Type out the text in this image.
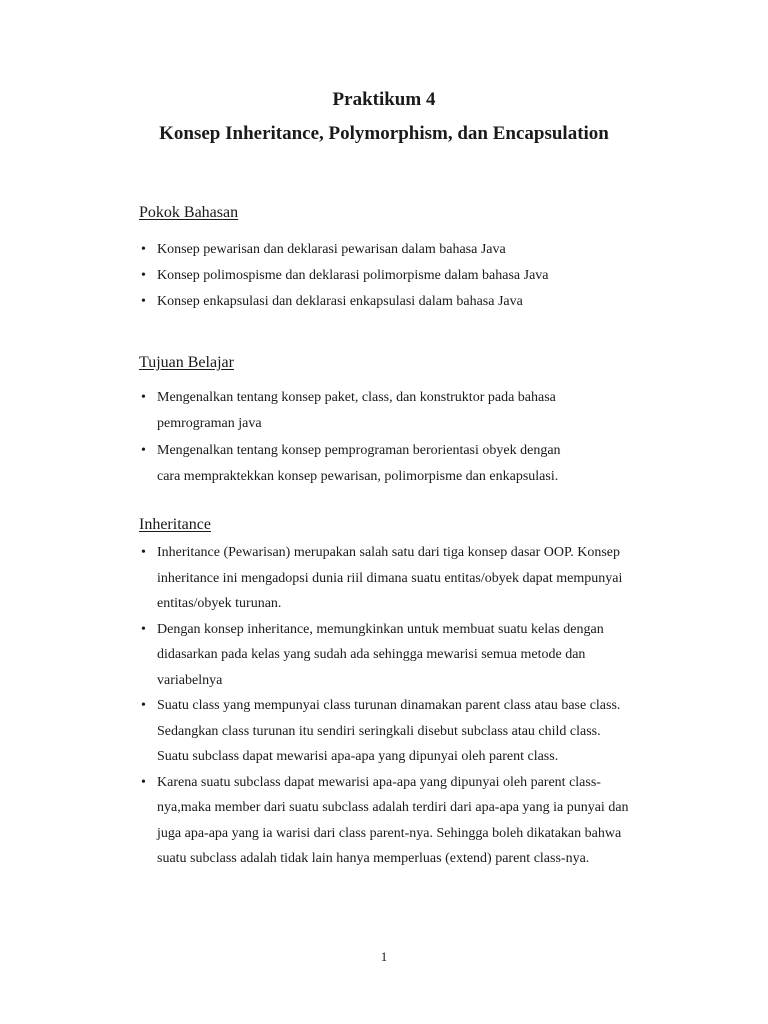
Praktikum 4
Konsep Inheritance, Polymorphism, dan Encapsulation
Pokok Bahasan
• Konsep pewarisan dan deklarasi pewarisan dalam bahasa Java
• Konsep polimospisme dan deklarasi polimorpisme dalam bahasa Java
• Konsep enkapsulasi dan deklarasi enkapsulasi dalam bahasa Java
Tujuan Belajar
• Mengenalkan tentang konsep paket, class, dan konstruktor pada bahasa pemrograman java
• Mengenalkan tentang konsep pemprograman berorientasi obyek dengan cara mempraktekkan konsep pewarisan, polimorpisme dan enkapsulasi.
Inheritance
• Inheritance (Pewarisan) merupakan salah satu dari tiga konsep dasar OOP. Konsep inheritance ini mengadopsi dunia riil dimana suatu entitas/obyek dapat mempunyai entitas/obyek turunan.
• Dengan konsep inheritance, memungkinkan untuk membuat suatu kelas dengan didasarkan pada kelas yang sudah ada sehingga mewarisi semua metode dan variabelnya
• Suatu class yang mempunyai class turunan dinamakan parent class atau base class. Sedangkan class turunan itu sendiri seringkali disebut subclass atau child class. Suatu subclass dapat mewarisi apa-apa yang dipunyai oleh parent class.
• Karena suatu subclass dapat mewarisi apa-apa yang dipunyai oleh parent class-nya,maka member dari suatu subclass adalah terdiri dari apa-apa yang ia punyai dan juga apa-apa yang ia warisi dari class parent-nya. Sehingga boleh dikatakan bahwa suatu subclass adalah tidak lain hanya memperluas (extend) parent class-nya.
1
